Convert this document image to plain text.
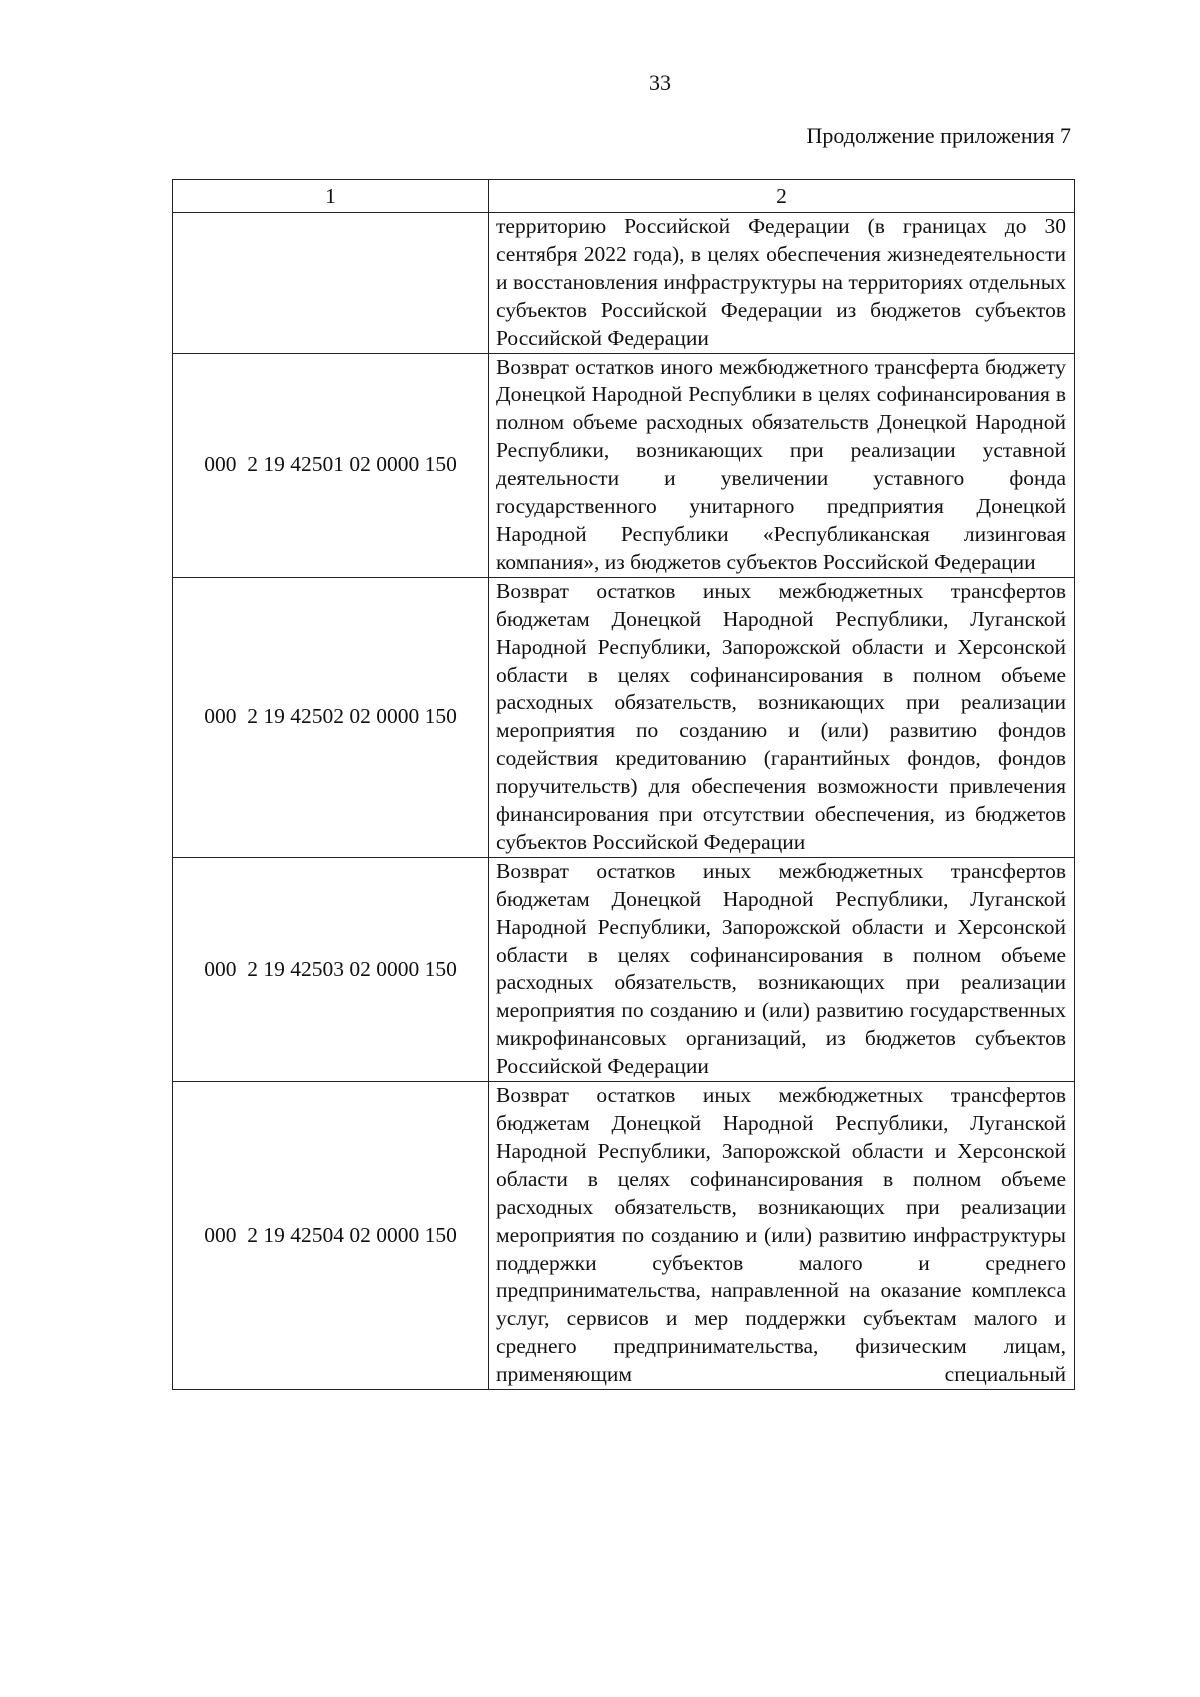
33
Продолжение приложения 7
1	2
	территорию Российской Федерации (в границах до 30 сентября 2022 года), в целях обеспечения жизнедеятельности и восстановления инфраструктуры на территориях отдельных субъектов Российской Федерации из бюджетов субъектов Российской Федерации
000  2 19 42501 02 0000 150	Возврат остатков иного межбюджетного трансферта бюджету Донецкой Народной Республики в целях софинансирования в полном объеме расходных обязательств Донецкой Народной Республики, возникающих при реализации уставной деятельности и увеличении уставного фонда государственного унитарного предприятия Донецкой Народной Республики «Республиканская лизинговая компания», из бюджетов субъектов Российской Федерации
000  2 19 42502 02 0000 150	Возврат остатков иных межбюджетных трансфертов бюджетам Донецкой Народной Республики, Луганской Народной Республики, Запорожской области и Херсонской области в целях софинансирования в полном объеме расходных обязательств, возникающих при реализации мероприятия по созданию и (или) развитию фондов содействия кредитованию (гарантийных фондов, фондов поручительств) для обеспечения возможности привлечения финансирования при отсутствии обеспечения, из бюджетов субъектов Российской Федерации
000  2 19 42503 02 0000 150	Возврат остатков иных межбюджетных трансфертов бюджетам Донецкой Народной Республики, Луганской Народной Республики, Запорожской области и Херсонской области в целях софинансирования в полном объеме расходных обязательств, возникающих при реализации мероприятия по созданию и (или) развитию государственных микрофинансовых организаций, из бюджетов субъектов Российской Федерации
000  2 19 42504 02 0000 150	Возврат остатков иных межбюджетных трансфертов бюджетам Донецкой Народной Республики, Луганской Народной Республики, Запорожской области и Херсонской области в целях софинансирования в полном объеме расходных обязательств, возникающих при реализации мероприятия по созданию и (или) развитию инфраструктуры поддержки субъектов малого и среднего предпринимательства, направленной на оказание комплекса услуг, сервисов и мер поддержки субъектам малого и среднего предпринимательства, физическим лицам, применяющим специальный
